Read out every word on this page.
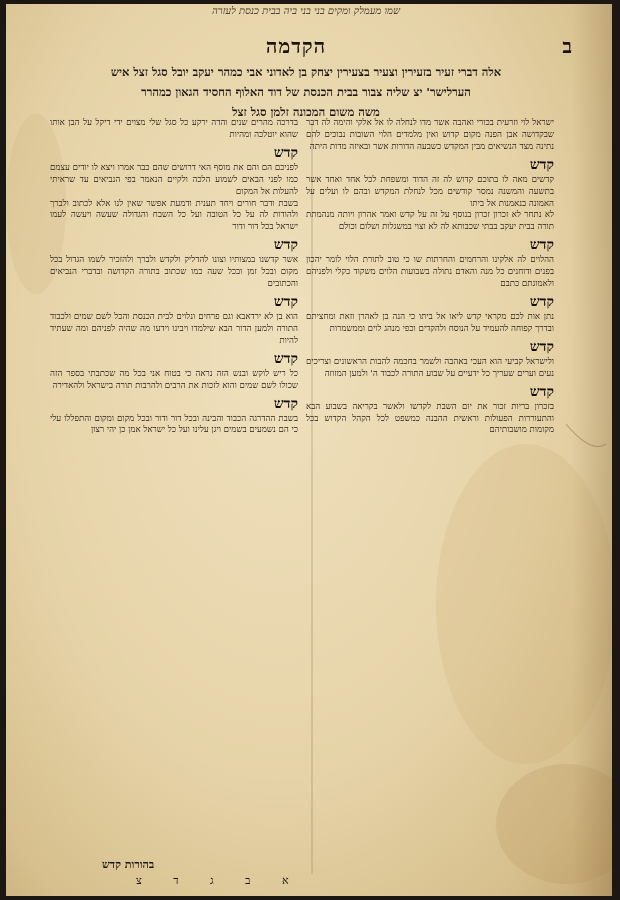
שמו מעמלק ומקים בני בני ביה בבית כנסת לעזרה
ב
הקדמה
אלה דברי זעיר בזעירין וצעיר בצעירין יצחק בן לאדוני אבי כמהר יעקב יובל סגל זצל איש
הערלישר' יצ שליה צבור בבית הכנסת של דוד האלוף החסיד הגאון כמהרר
משה משום המכונה זלמן סגל זצל

ישראל לוי וזרעית בכורי ואהבה אשר מדו לנחלה לו אל אלקי והימה לה דבר שבקדושה אבן הפנה מקום קדוש ואין מלמדים הלוי השובות נבוכים להם נתינה מצד הנשיאים מבין המקדש כשבעה הדורות אשר ובאיזה מדות היתה

קדש

קדשים מאה לו בתוכם קדוש לה זה הדוד ומשפחת לכל אחד ואחד אשר בתשעה והמשנה נמסר קודשים מכל לנחלת המקדש ובהם לו ועלים על האמונה בנאמנות אל ביתו

לא נתחר לא זכרון זכרון בנוסף על זה על קדש ואמר אהרון ויותה מנהמתת תורה בבית יעקב בבתי שכבותא לה לא וצוי במשגלות ושלום וכולם

קדש

ההלוים לה אלקינו והרחמים והחרתות שו כי טוב לתורת הלוי לומר יהכון בפנים ודוחנים כל מנה והאדם נתולה בשבועות הלוים משקוד כקלי ולפניהם ולאמונתם כתבם

קדש

נתן אות לכם מקראי קדש ליאו אל ביתו כי הנה בן לאהרן וזאת ומחציתם ובדרך קפוחה להעמיד על הנוסח ולהקדים וכפי מנהג לוים וממשמרות

קדש

ולישראל קביעי הוא העכי באהבה ולשמר בחכמה להבות הראשונים וצריכים נעים וערים שעריך כל ידעיים על שבוע התורה לכבוד ה' ולמען המזוזה

קדש

בזכרון בריות זכור את יום השבת לקדשו ולאשר בקריאה בשבוע הבא והתעוררות הפעולות וראשית ההבנה כמשפט לכל הקהל הקדוש בכל מקומות מושבותיהם

בדרכה מהרים שנים והדה ירקע כל סגל שלי מצוים ידי דיקל על הבן אותו שהוא יוטלכה ומהיות

קדש

לפניכם הם והם את מוסף האי דרושים שהם כבר אמרו ויצא לו יודים עצמם כמו לפני הבאים לשמוע הלכה ולקיים הנאמר בפי הנביאים עד שראיתי להעלות אל המקום

בשבת ודבר חורים ויחד תענית ודמעת אפשר שאין לנו אלא לכתוב ולברך ולהודות לה על כל הטובה ועל כל השבח והגדולה שעשה ויעשה לעמו ישראל בכל דור ודור

קדש

אשר קדשנו במצותיו וצונו להדליק ולקדש ולברך ולהזכיר לשמו הגדול בכל מקום ובכל זמן ובכל שעה כמו שכתוב בתורה הקדושה ובדברי הנביאים והכתובים

קדש

הוא בן לא ירדאבא וגם פרחים ונלוים לבית הכנסת והכל לשם שמים ולכבוד התורה ולמען הדור הבא שילמדו ויבינו וידעו מה שהיה לפניהם ומה שעתיד להיות

קדש

כל ריש לוקש ובנש הזה נראה כי בטוח אני בכל מה שכתבתי בספר הזה שכולו לשם שמים והוא לזכות את הרבים ולהרבות תורה בישראל ולהאדירה

קדש

בשבת ההדרגה הכבוד והבינה ובכל דור ודור ובכל מקום ומקום והתפללו עלי כי הם נשמעים בשמים ויגן עלינו ועל כל ישראל אמן כן יהי רצון

בהורות קדש
א ב ג ד צ
